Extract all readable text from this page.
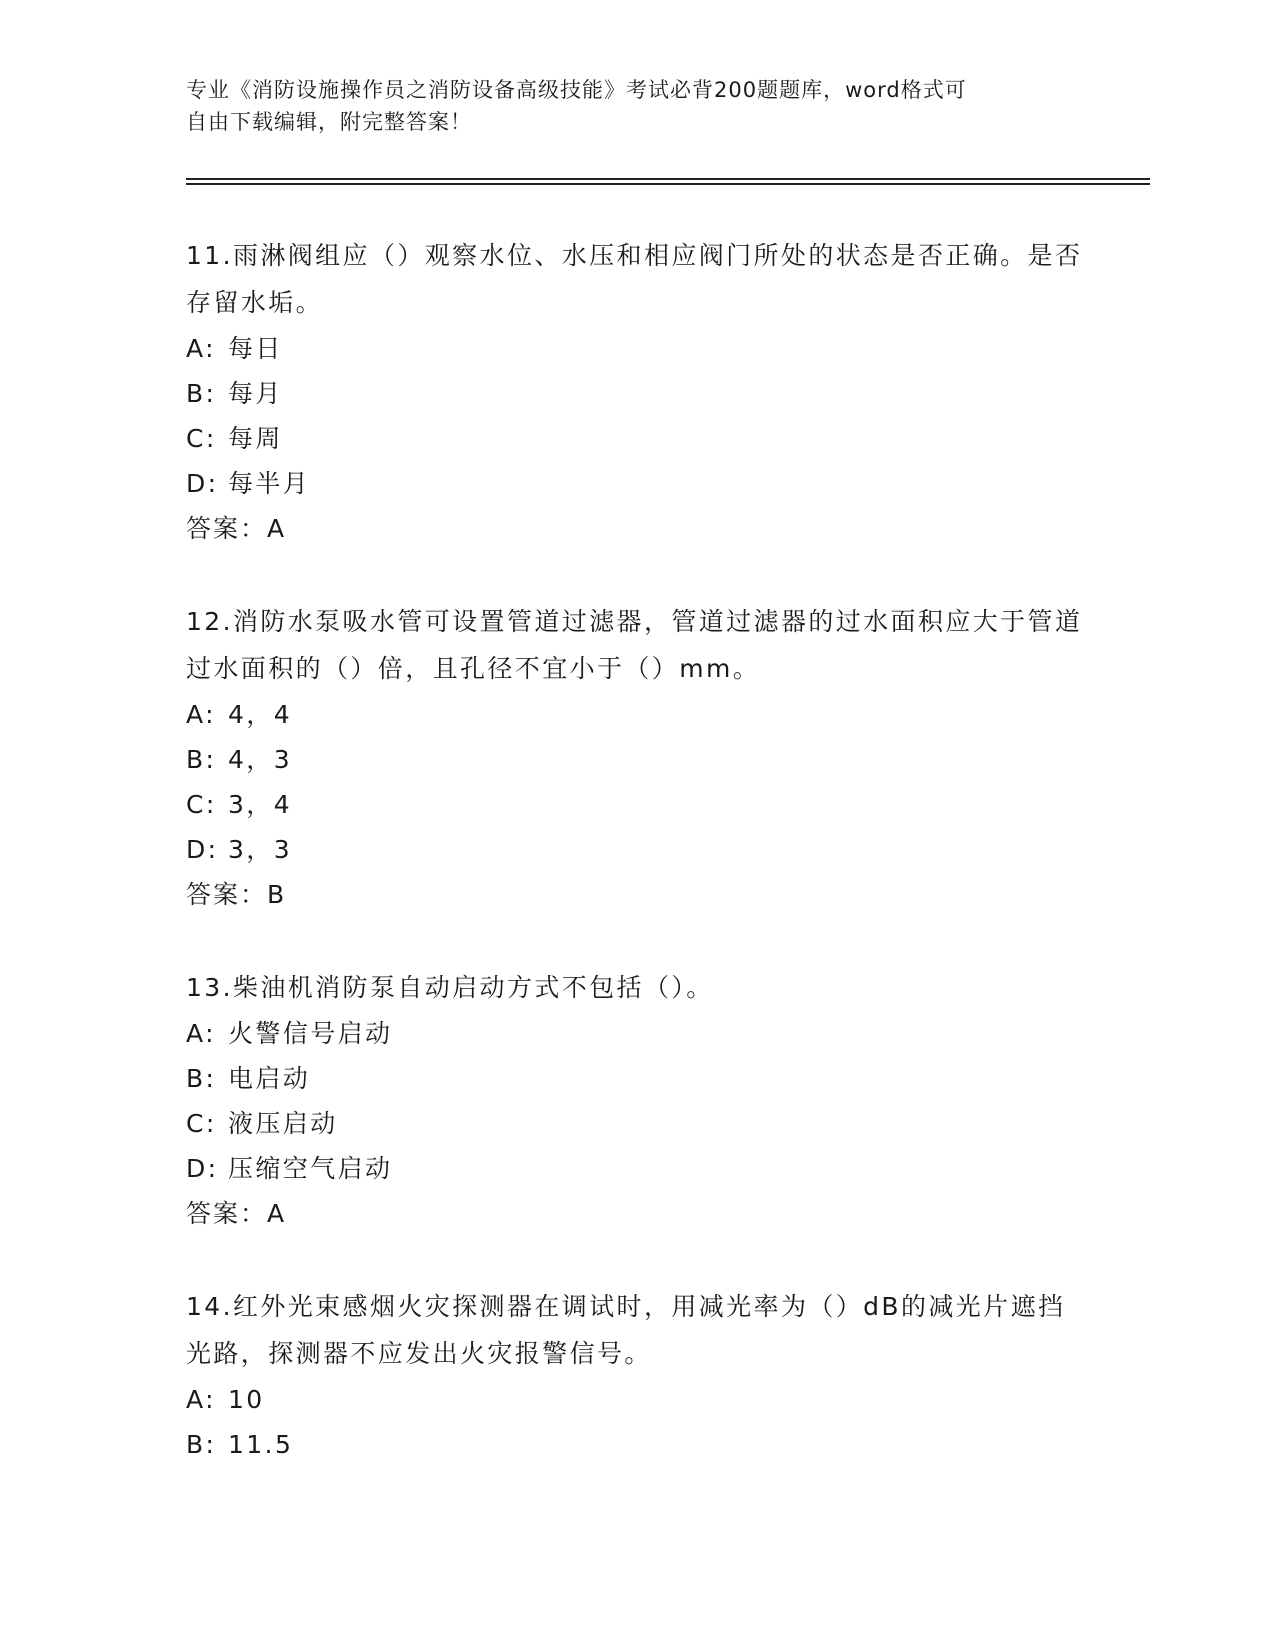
专业《消防设施操作员之消防设备高级技能》考试必背200题题库，word格式可
自由下载编辑，附完整答案！

11.雨淋阀组应（）观察水位、水压和相应阀门所处的状态是否正确。是否存留水垢。

A: 每日
B: 每月
C: 每周
D: 每半月

答案：A

12.消防水泵吸水管可设置管道过滤器，管道过滤器的过水面积应大于管道过水面积的（）倍，且孔径不宜小于（）mm。

A: 4，4
B: 4，3
C: 3，4
D: 3，3

答案：B

13.柴油机消防泵自动启动方式不包括（）。

A: 火警信号启动
B: 电启动
C: 液压启动
D: 压缩空气启动

答案：A

14.红外光束感烟火灾探测器在调试时，用减光率为（）dB的减光片遮挡光路，探测器不应发出火灾报警信号。

A: 10
B: 11.5
